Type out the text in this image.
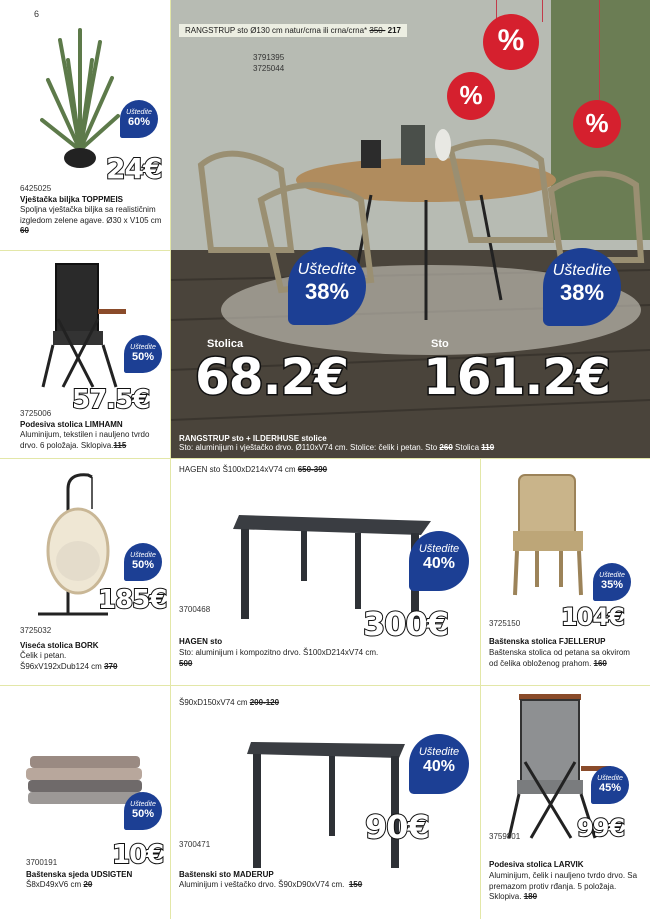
6
Uštedite
60%
24€
6425025
Vještačka biljka TOPPMEIS
Spoljna vještačka biljka sa realističnim izgledom zelene agave. Ø30 x V105 cm 60
Uštedite
50%
57.5€
3725006
Podesiva stolica LIMHAMN
Aluminijum, tekstilen i nauljeno tvrdo drvo. 6 položaja. Sklopiva.115
RANGSTRUP sto Ø130 cm natur/crna ili crna/crna* 350- 217
3791395
3725044
%
%
%
Uštedite
38%
Uštedite
38%
Stolica	Sto
68.2€ 161.2€
RANGSTRUP sto + ILDERHUSE stolice
Sto: aluminijum i vještačko drvo. Ø110xV74 cm. Stolice: čelik i petan. Sto 260 Stolica 110
Uštedite
50%
185€
3725032
Viseća stolica BORK
Čelik i petan.
Š96xV192xDub124 cm 370
HAGEN sto Š100xD214xV74 cm 650-390
Uštedite
40%
300€
3700468
HAGEN sto
Sto: aluminijum i kompozitno drvo. Š100xD214xV74 cm.
500
Uštedite
35%
104€
3725150
Baštenska stolica FJELLERUP
Baštenska stolica od petana sa okvirom od čelika obloženog prahom. 160
Uštedite
50%
10€
3700191
Baštenska sjeda UDSIGTEN
Š8xD49xV6 cm 20
Š90xD150xV74 cm 200-120
Uštedite
40%
90€
3700471
Baštenski sto MADERUP
Aluminijum i veštačko drvo. Š90xD90xV74 cm. 150
Uštedite
45%
99€
3759801
Podesiva stolica LARVIK
Aluminijum, čelik i nauljeno tvrdo drvo. Sa premazom protiv rđanja. 5 položaja. Sklopiva. 180
